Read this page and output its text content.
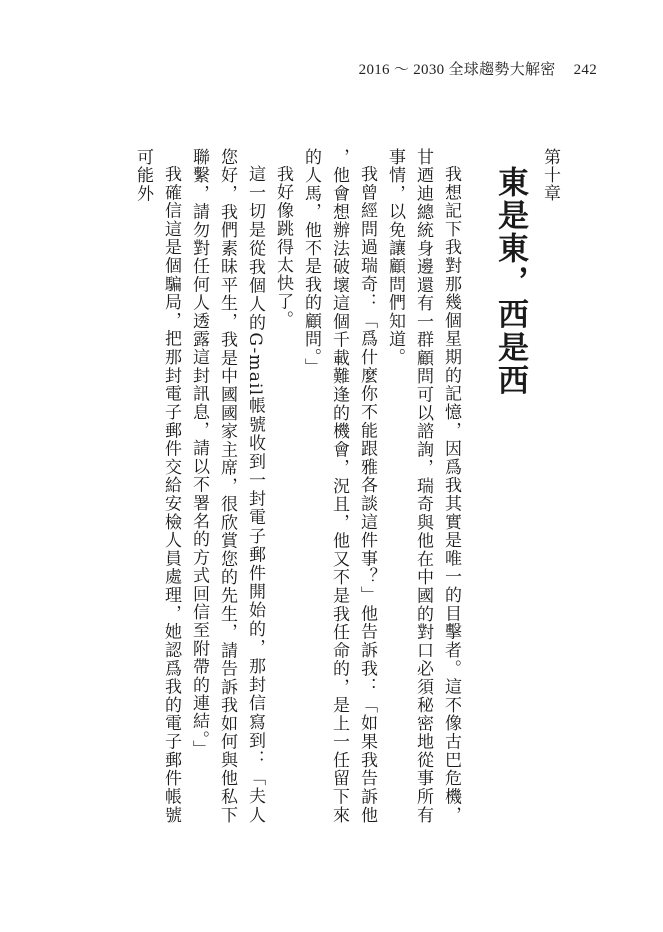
2016 ～ 2030 全球趨勢大解密 242
第十章
東是東，西是西

我想記下我對那幾個星期的記憶，因爲我其實是唯一的目擊者。這不像古巴危機，甘迺迪總統身邊還有一群顧問可以諮詢，瑞奇與他在中國的對口必須秘密地從事所有事情，以免讓顧問們知道。

我曾經問過瑞奇：「爲什麼你不能跟雅各談這件事？」他告訴我：「如果我告訴他，他會想辦法破壞這個千載難逢的機會，況且，他又不是我任命的，是上一任留下來的人馬，他不是我的顧問。」

我好像跳得太快了。

這一切是從我個人的G-mail帳號收到一封電子郵件開始的，那封信寫到：「夫人您好，我們素昧平生，我是中國國家主席，很欣賞您的先生，請告訴我如何與他私下聯繫，請勿對任何人透露這封訊息，請以不署名的方式回信至附帶的連結。」

我確信這是個騙局，把那封電子郵件交給安檢人員處理，她認爲我的電子郵件帳號可能外
